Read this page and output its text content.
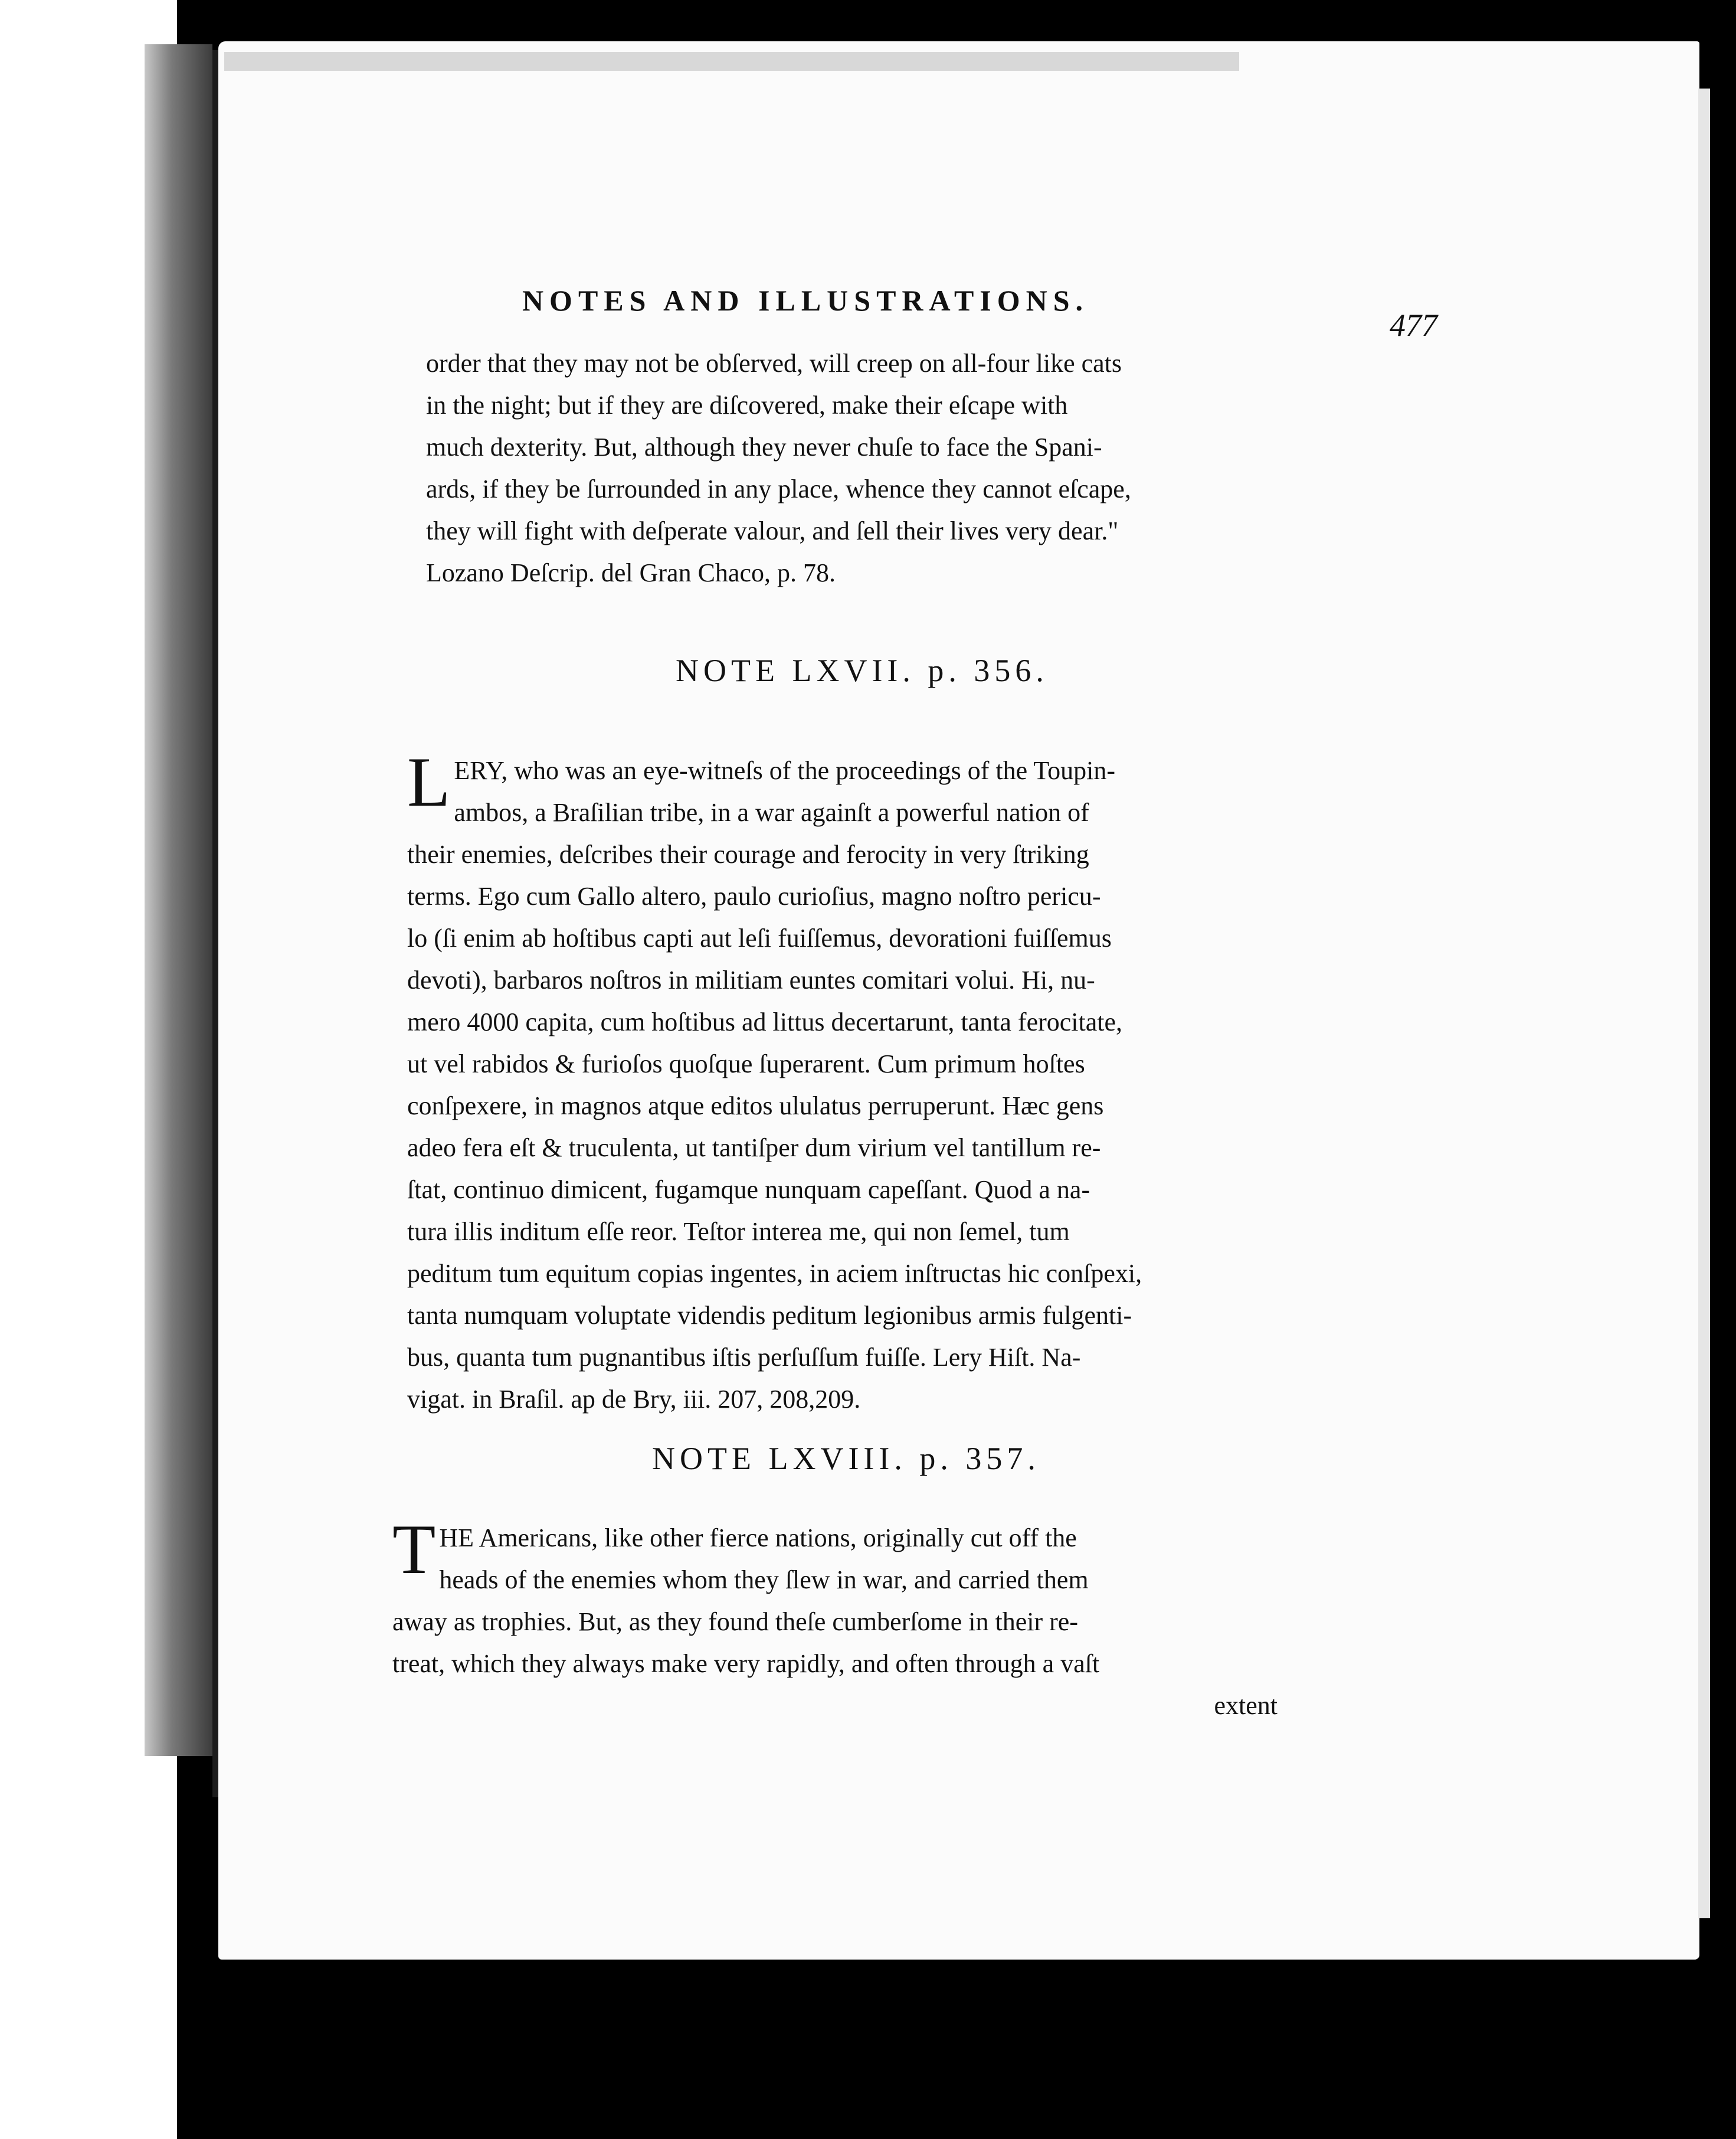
NOTES AND ILLUSTRATIONS.
477
order that they may not be obſerved, will creep on all-four like cats
in the night; but if they are diſcovered, make their eſcape with
much dexterity. But, although they never chuſe to face the Spani-
ards, if they be ſurrounded in any place, whence they cannot eſcape,
they will fight with deſperate valour, and ſell their lives very dear."
Lozano Deſcrip. del Gran Chaco, p. 78.
NOTE LXVII. p. 356.
L ERY, who was an eye-witneſs of the proceedings of the Toupin-
ambos, a Braſilian tribe, in a war againſt a powerful nation of
their enemies, deſcribes their courage and ferocity in very ſtriking
terms. Ego cum Gallo altero, paulo curioſius, magno noſtro pericu-
lo (ſi enim ab hoſtibus capti aut leſi fuiſſemus, devorationi fuiſſemus
devoti), barbaros noſtros in militiam euntes comitari volui. Hi, nu-
mero 4000 capita, cum hoſtibus ad littus decertarunt, tanta ferocitate,
ut vel rabidos & furioſos quoſque ſuperarent. Cum primum hoſtes
conſpexere, in magnos atque editos ululatus perruperunt. Hæc gens
adeo fera eſt & truculenta, ut tantiſper dum virium vel tantillum re-
ſtat, continuo dimicent, fugamque nunquam capeſſant. Quod a na-
tura illis inditum eſſe reor. Teſtor interea me, qui non ſemel, tum
peditum tum equitum copias ingentes, in aciem inſtructas hic conſpexi,
tanta numquam voluptate videndis peditum legionibus armis fulgenti-
bus, quanta tum pugnantibus iſtis perſuſſum fuiſſe. Lery Hiſt. Na-
vigat. in Braſil. ap de Bry, iii. 207, 208,209.
NOTE LXVIII. p. 357.
T HE Americans, like other fierce nations, originally cut off the
heads of the enemies whom they ſlew in war, and carried them
away as trophies. But, as they found theſe cumberſome in their re-
treat, which they always make very rapidly, and often through a vaſt
extent
